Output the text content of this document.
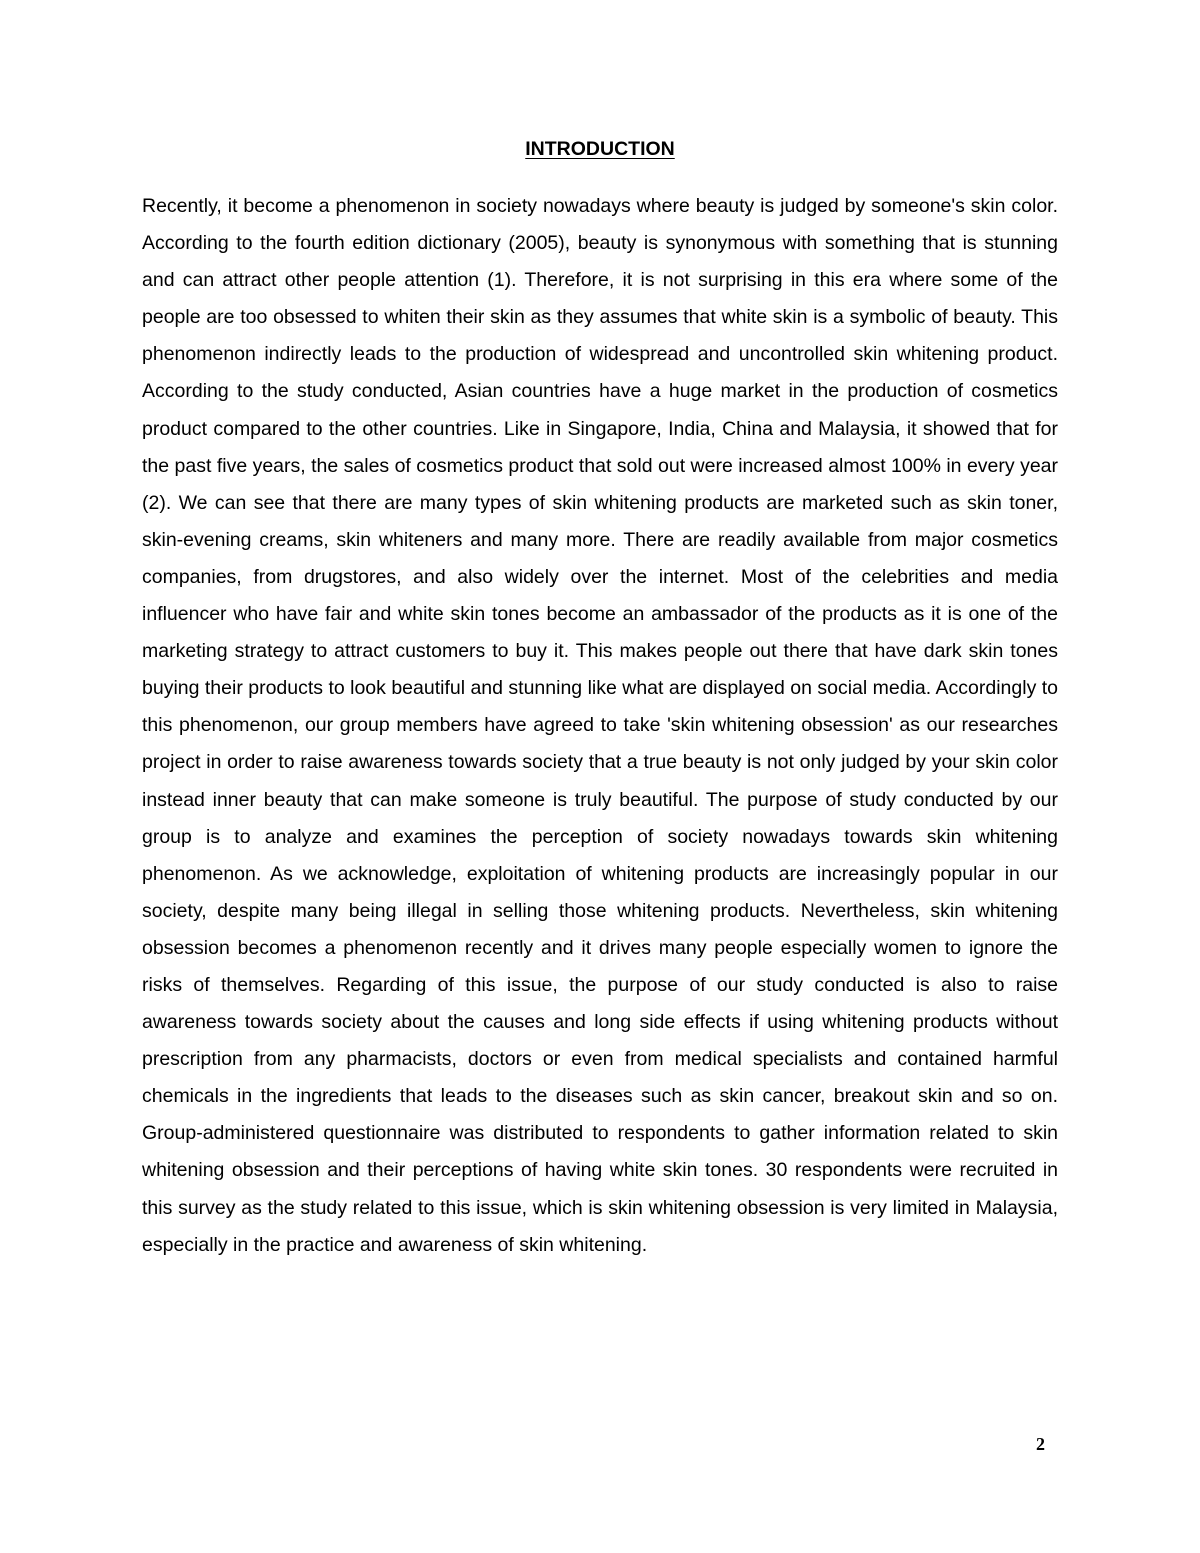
INTRODUCTION

Recently, it become a phenomenon in society nowadays where beauty is judged by someone's skin color. According to the fourth edition dictionary (2005), beauty is synonymous with something that is stunning and can attract other people attention (1). Therefore, it is not surprising in this era where some of the people are too obsessed to whiten their skin as they assumes that white skin is a symbolic of beauty. This phenomenon indirectly leads to the production of widespread and uncontrolled skin whitening product. According to the study conducted, Asian countries have a huge market in the production of cosmetics product compared to the other countries. Like in Singapore, India, China and Malaysia, it showed that for the past five years, the sales of cosmetics product that sold out were increased almost 100% in every year (2). We can see that there are many types of skin whitening products are marketed such as skin toner, skin-evening creams, skin whiteners and many more. There are readily available from major cosmetics companies, from drugstores, and also widely over the internet. Most of the celebrities and media influencer who have fair and white skin tones become an ambassador of the products as it is one of the marketing strategy to attract customers to buy it. This makes people out there that have dark skin tones buying their products to look beautiful and stunning like what are displayed on social media. Accordingly to this phenomenon, our group members have agreed to take 'skin whitening obsession' as our researches project in order to raise awareness towards society that a true beauty is not only judged by your skin color instead inner beauty that can make someone is truly beautiful. The purpose of study conducted by our group is to analyze and examines the perception of society nowadays towards skin whitening phenomenon. As we acknowledge, exploitation of whitening products are increasingly popular in our society, despite many being illegal in selling those whitening products. Nevertheless, skin whitening obsession becomes a phenomenon recently and it drives many people especially women to ignore the risks of themselves. Regarding of this issue, the purpose of our study conducted is also to raise awareness towards society about the causes and long side effects if using whitening products without prescription from any pharmacists, doctors or even from medical specialists and contained harmful chemicals in the ingredients that leads to the diseases such as skin cancer, breakout skin and so on. Group-administered questionnaire was distributed to respondents to gather information related to skin whitening obsession and their perceptions of having white skin tones. 30 respondents were recruited in this survey as the study related to this issue, which is skin whitening obsession is very limited in Malaysia, especially in the practice and awareness of skin whitening.

2
